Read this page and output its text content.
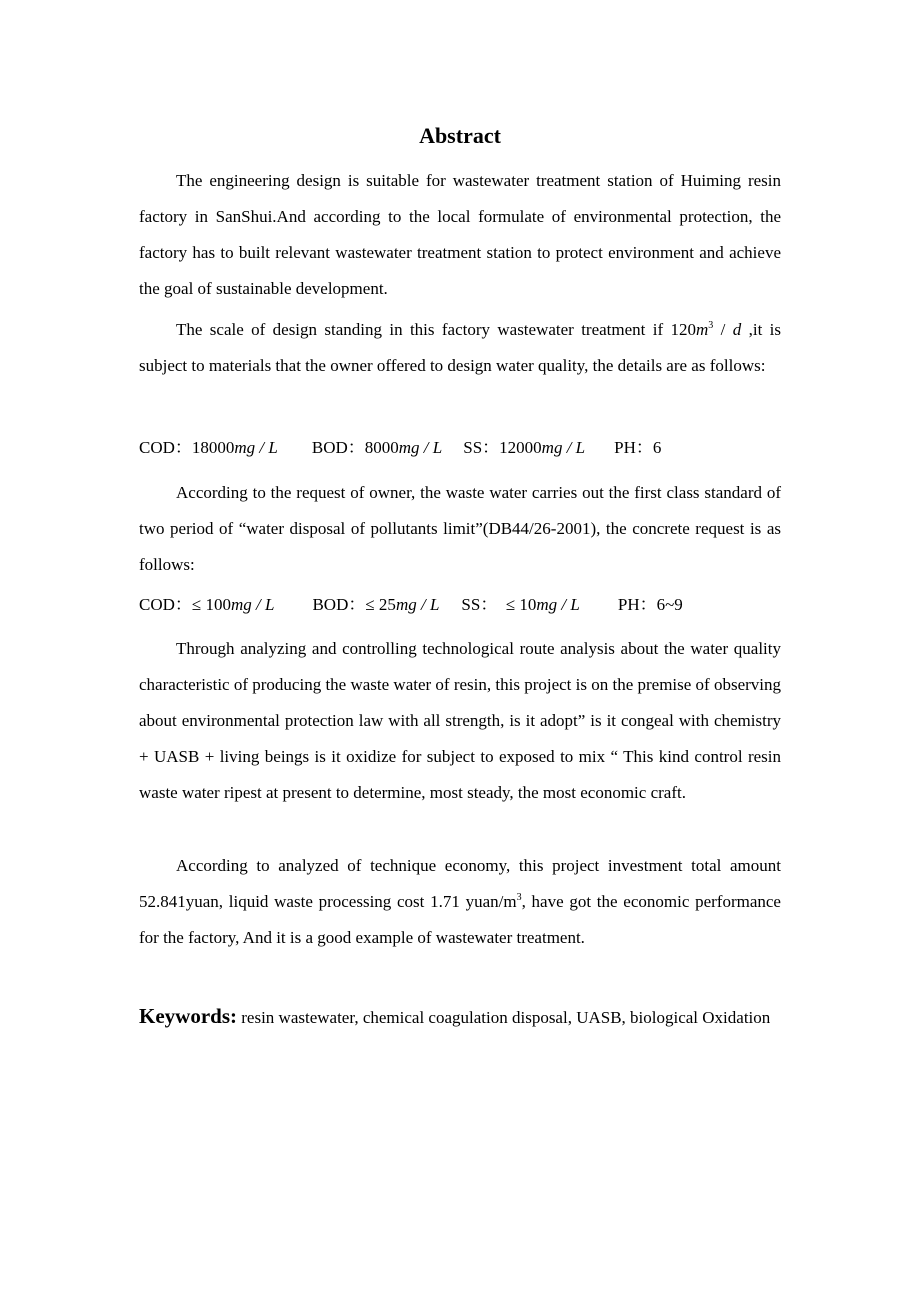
Abstract

The engineering design is suitable for wastewater treatment station of Huiming resin factory in SanShui.And according to the local formulate of environmental protection, the factory has to built relevant wastewater treatment station to protect environment and achieve the goal of sustainable development.

The scale of design standing in this factory wastewater treatment if $120m^3$ / d ,it is subject to materials that the owner offered to design water quality, the details are as follows:

COD：18000mg / L BOD：8000mg / L SS：12000mg / L PH：6

According to the request of owner, the waste water carries out the first class standard of two period of “water disposal of pollutants limit”(DB44/26-2001), the concrete request is as follows:

COD：≤ 100mg / L BOD：≤ 25mg / L SS：  ≤ 10mg / L PH：6~9

Through analyzing and controlling technological route analysis about the water quality characteristic of producing the waste water of resin, this project is on the premise of observing about environmental protection law with all strength, is it adopt” is it congeal with chemistry + UASB + living beings is it oxidize for subject to exposed to mix “ This kind control resin waste water ripest at present to determine, most steady, the most economic craft.

According to analyzed of technique economy, this project investment total amount 52.841yuan, liquid waste processing cost 1.71 yuan/$m^3$, have got the economic performance for the factory, And it is a good example of wastewater treatment.

Keywords: resin wastewater, chemical coagulation disposal, UASB, biological Oxidation
